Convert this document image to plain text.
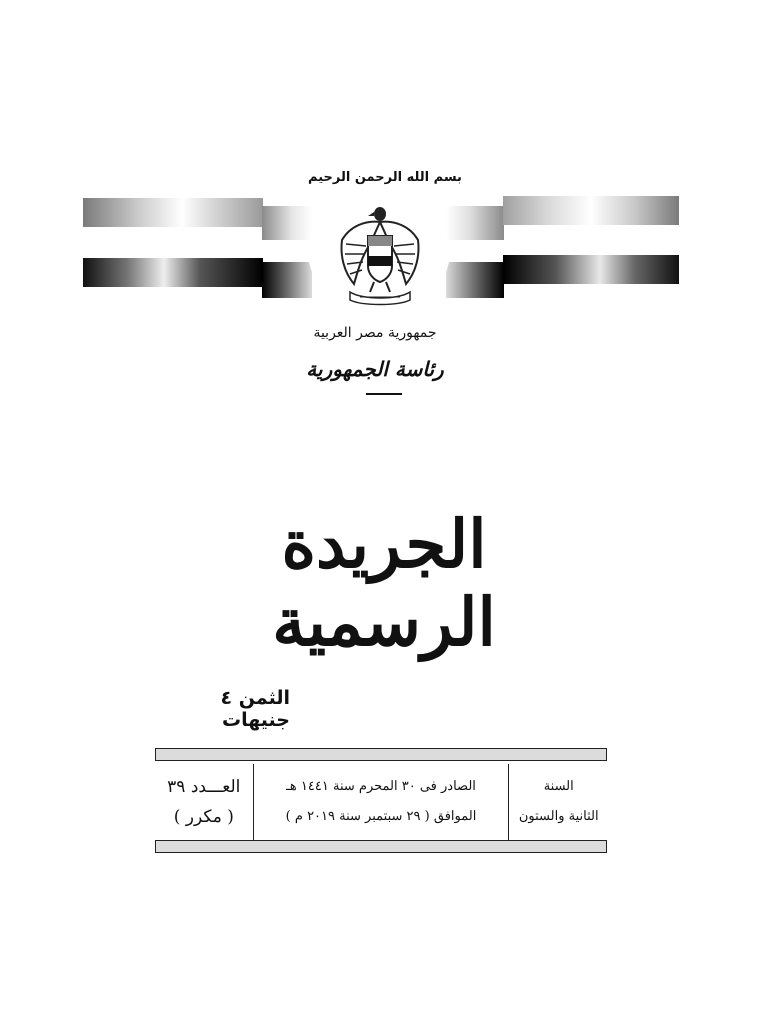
بسم الله الرحمن الرحيم
جمهورية مصر العربية
رئاسة الجمهورية
الجريدة الرسمية
الثمن ٤ جنيهات
العـــدد ٣٩
( مكرر )
الصادر فى ٣٠ المحرم سنة ١٤٤١ هـ
الموافق ( ٢٩ سبتمبر سنة ٢٠١٩ م )
السنة
الثانية والستون
